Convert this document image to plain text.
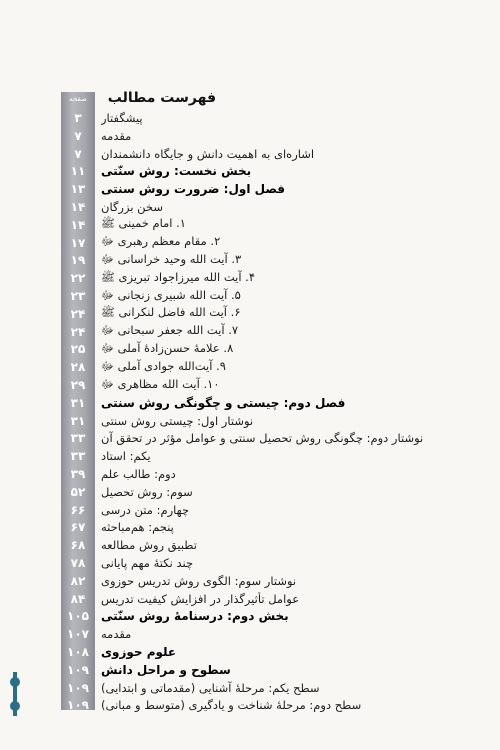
صفحه	فهرست مطالب
۳	پیشگفتار
۷	مقدمه
۷	اشاره‌ای به اهمیت دانش و جایگاه دانشمندان
۱۱	بخش نخست: روش سنّتی
۱۳	فصل اول: ضرورت روش سنتی
۱۴	سخن بزرگان
۱۴	۱. امام خمینی ﷺ
۱۷	۲. مقام معظم رهبری ﷻ
۱۹	۳. آیت الله وحید خراسانی ﷻ
۲۲	۴. آیت الله میرزاجواد تبریزی ﷺ
۲۳	۵. آیت الله شبیری زنجانی ﷻ
۲۴	۶. آیت الله فاضل لنکرانی ﷺ
۲۴	۷. آیت الله جعفر سبحانی ﷻ
۲۵	۸. علامهٔ حسن‌زادهٔ آملی ﷻ
۲۸	۹. آیت‌الله جوادی آملی ﷻ
۲۹	۱۰. آیت الله مظاهری ﷻ
۳۱	فصل دوم: چیستی و چگونگی روش سنتی
۳۱	نوشتار اول: چیستی روش سنتی
۳۳	نوشتار دوم: چگونگی روش تحصیل سنتی و عوامل مؤثر در تحقق آن
۳۳	یکم: استاد
۳۹	دوم: طالب علم
۵۲	سوم: روش تحصیل
۶۶	چهارم: متن درسی
۶۷	پنجم: هم‌مباحثه
۶۸	تطبیق روش مطالعه
۷۸	چند نکتهٔ مهم پایانی
۸۲	نوشتار سوم: الگوی روش تدریس حوزوی
۸۴	عوامل تأثیرگذار در افزایش کیفیت تدریس
۱۰۵	بخش دوم: درسنامهٔ روش سنّتی
۱۰۷	مقدمه
۱۰۸	علوم حوزوی
۱۰۹	سطوح و مراحل دانش
۱۰۹	سطح یکم: مرحلهٔ آشنایی (مقدماتی و ابتدایی)
۱۰۹	سطح دوم: مرحلهٔ شناخت و یادگیری (متوسط و مبانی)
